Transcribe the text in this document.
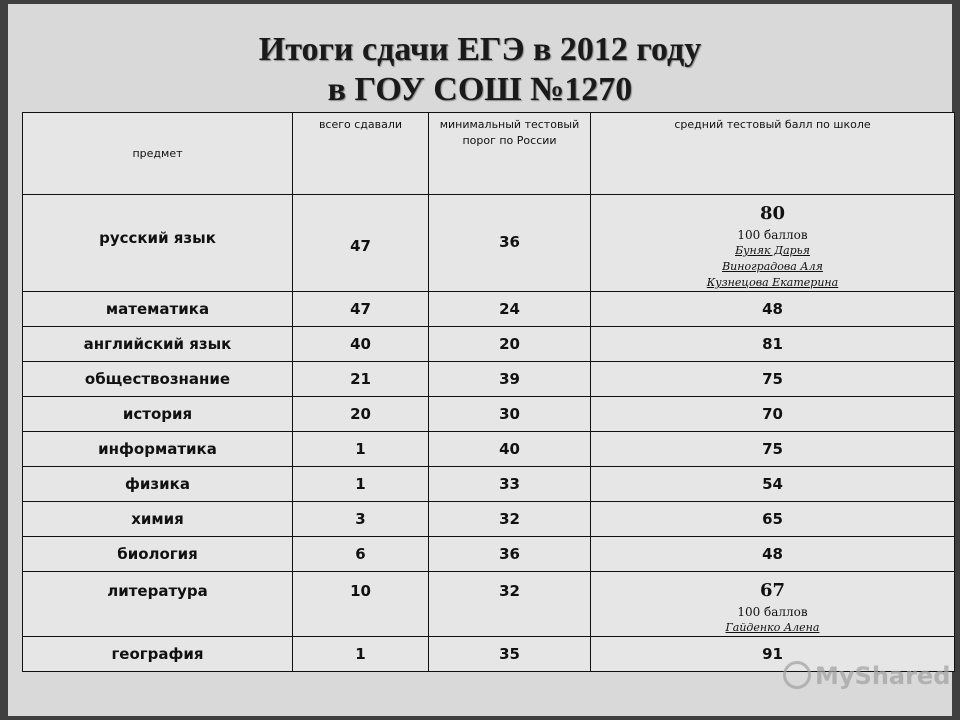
Итоги сдачи ЕГЭ в 2012 году
в ГОУ СОШ №1270
предмет	всего сдавали	минимальный тестовый порог по России	средний тестовый балл по школе
русский язык	47	36	80
100 баллов
Буняк Дарья
Виноградова Аля
Кузнецова Екатерина

математика	47	24	48
английский язык	40	20	81
обществознание	21	39	75
история	20	30	70
информатика	1	40	75
физика	1	33	54
химия	3	32	65
биология	6	36	48
литература	10	32	67
100 баллов
Гайденко Алена

география	1	35	91
MyShared
